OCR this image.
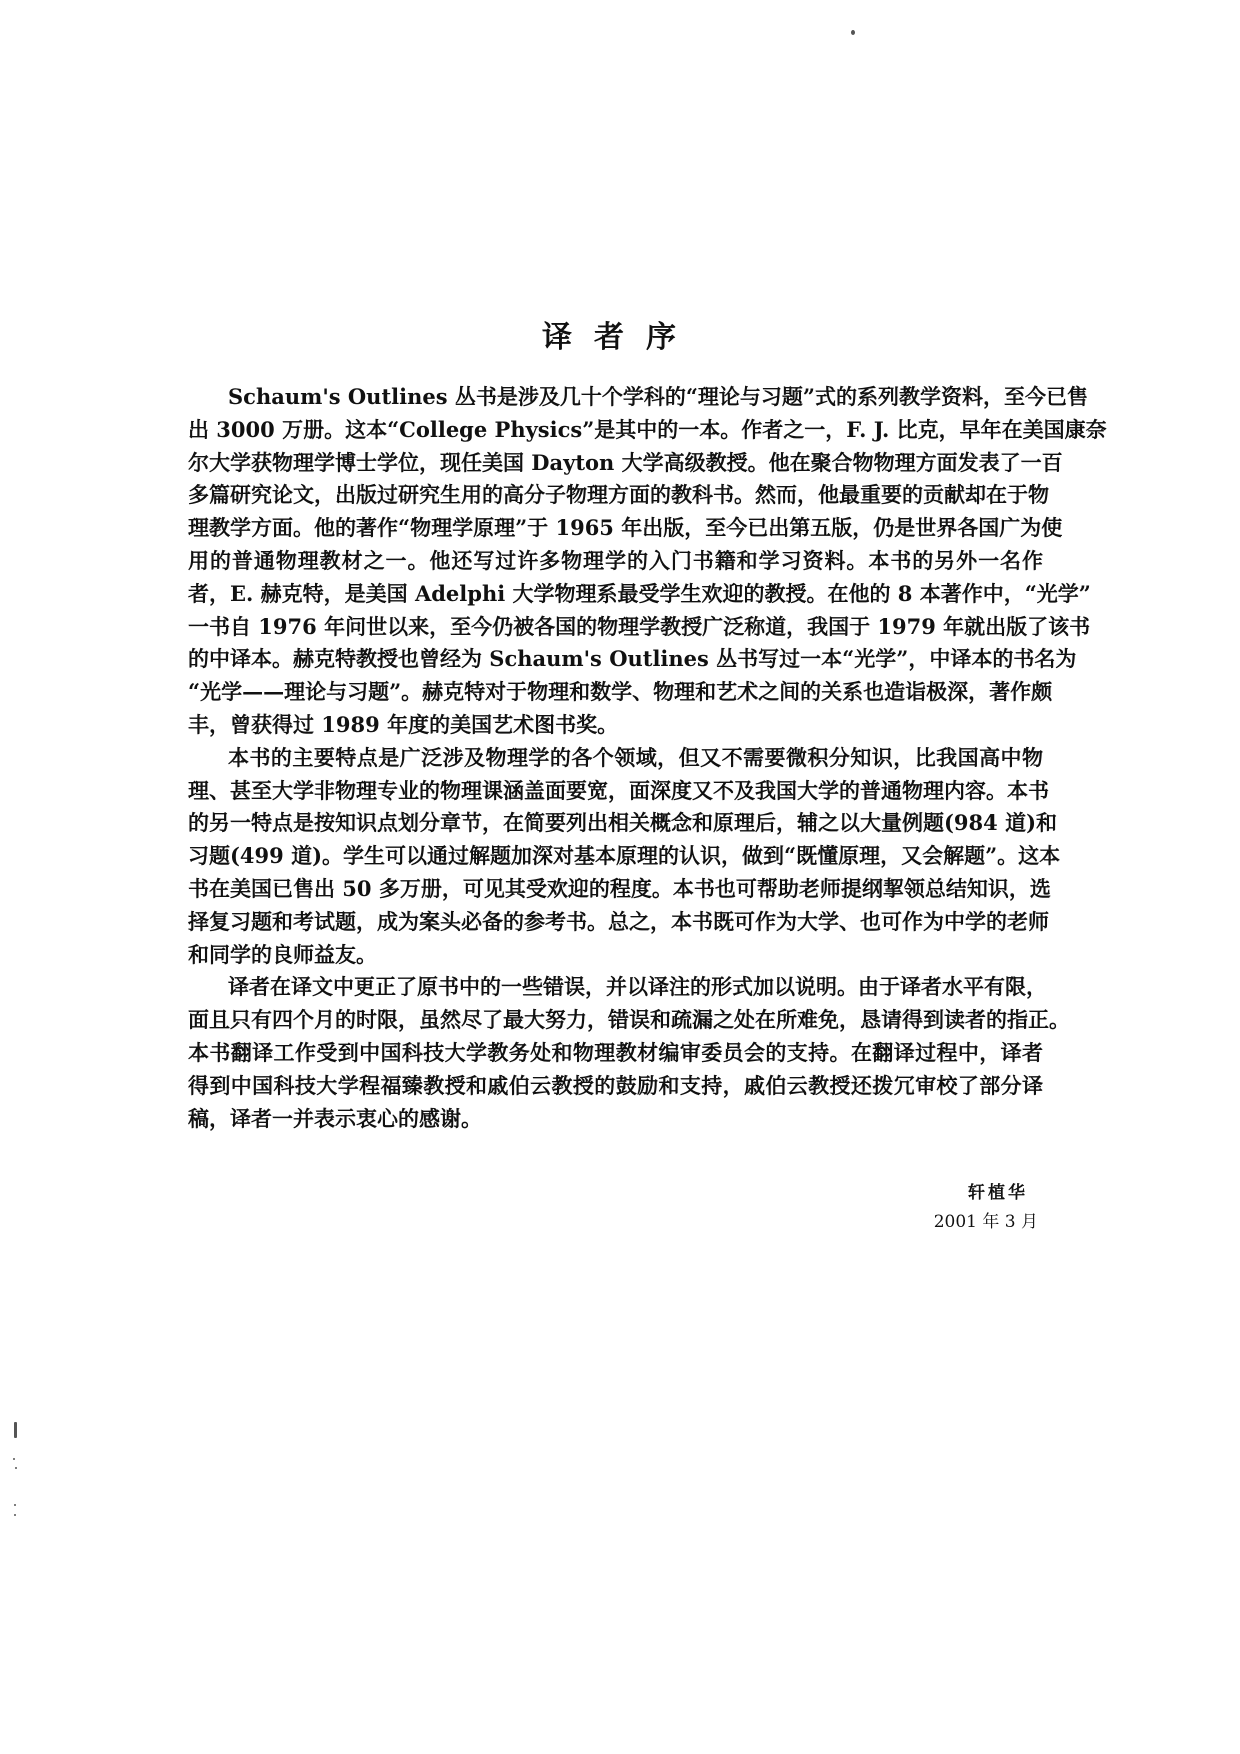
译者序
Schaum's Outlines 丛书是涉及几十个学科的“理论与习题”式的系列教学资料，至今已售
出 3000 万册。这本“College Physics”是其中的一本。作者之一，F. J. 比克，早年在美国康奈
尔大学获物理学博士学位，现任美国 Dayton 大学高级教授。他在聚合物物理方面发表了一百
多篇研究论文，出版过研究生用的高分子物理方面的教科书。然而，他最重要的贡献却在于物
理教学方面。他的著作“物理学原理”于 1965 年出版，至今已出第五版，仍是世界各国广为使
用的普通物理教材之一。他还写过许多物理学的入门书籍和学习资料。本书的另外一名作
者，E. 赫克特，是美国 Adelphi 大学物理系最受学生欢迎的教授。在他的 8 本著作中，“光学”
一书自 1976 年问世以来，至今仍被各国的物理学教授广泛称道，我国于 1979 年就出版了该书
的中译本。赫克特教授也曾经为 Schaum's Outlines 丛书写过一本“光学”，中译本的书名为
“光学——理论与习题”。赫克特对于物理和数学、物理和艺术之间的关系也造诣极深，著作颇
丰，曾获得过 1989 年度的美国艺术图书奖。
本书的主要特点是广泛涉及物理学的各个领域，但又不需要微积分知识，比我国高中物
理、甚至大学非物理专业的物理课涵盖面要宽，面深度又不及我国大学的普通物理内容。本书
的另一特点是按知识点划分章节，在简要列出相关概念和原理后，辅之以大量例题(984 道)和
习题(499 道)。学生可以通过解题加深对基本原理的认识，做到“既懂原理，又会解题”。这本
书在美国已售出 50 多万册，可见其受欢迎的程度。本书也可帮助老师提纲挈领总结知识，选
择复习题和考试题，成为案头必备的参考书。总之，本书既可作为大学、也可作为中学的老师
和同学的良师益友。
译者在译文中更正了原书中的一些错误，并以译注的形式加以说明。由于译者水平有限，
面且只有四个月的时限，虽然尽了最大努力，错误和疏漏之处在所难免，恳请得到读者的指正。
本书翻译工作受到中国科技大学教务处和物理教材编审委员会的支持。在翻译过程中，译者
得到中国科技大学程福臻教授和戚伯云教授的鼓励和支持，戚伯云教授还拨冗审校了部分译
稿，译者一并表示衷心的感谢。
轩植华
2001 年 3 月
